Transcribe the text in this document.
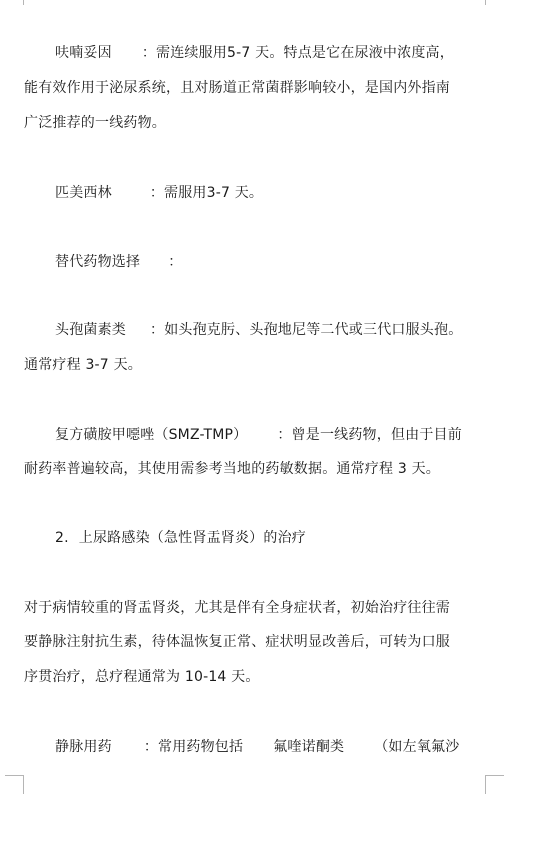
呋喃妥因 ：需连续服用5-7 天。特点是它在尿液中浓度高，
能有效作用于泌尿系统，且对肠道正常菌群影响较小，是国内外指南
广泛推荐的一线药物。
匹美西林	：需服用3-7 天。
替代药物选择 ：
头孢菌素类 ：如头孢克肟、头孢地尼等二代或三代口服头孢。
通常疗程 3-7 天。
复方磺胺甲噁唑（SMZ-TMP） ：曾是一线药物，但由于目前
耐药率普遍较高，其使用需参考当地的药敏数据。通常疗程 3 天。
2. 上尿路感染（急性肾盂肾炎）的治疗
对于病情较重的肾盂肾炎，尤其是伴有全身症状者，初始治疗往往需
要静脉注射抗生素，待体温恢复正常、症状明显改善后，可转为口服
序贯治疗，总疗程通常为 10-14 天。
静脉用药 ：常用药物包括 氟喹诺酮类 （如左氧氟沙
